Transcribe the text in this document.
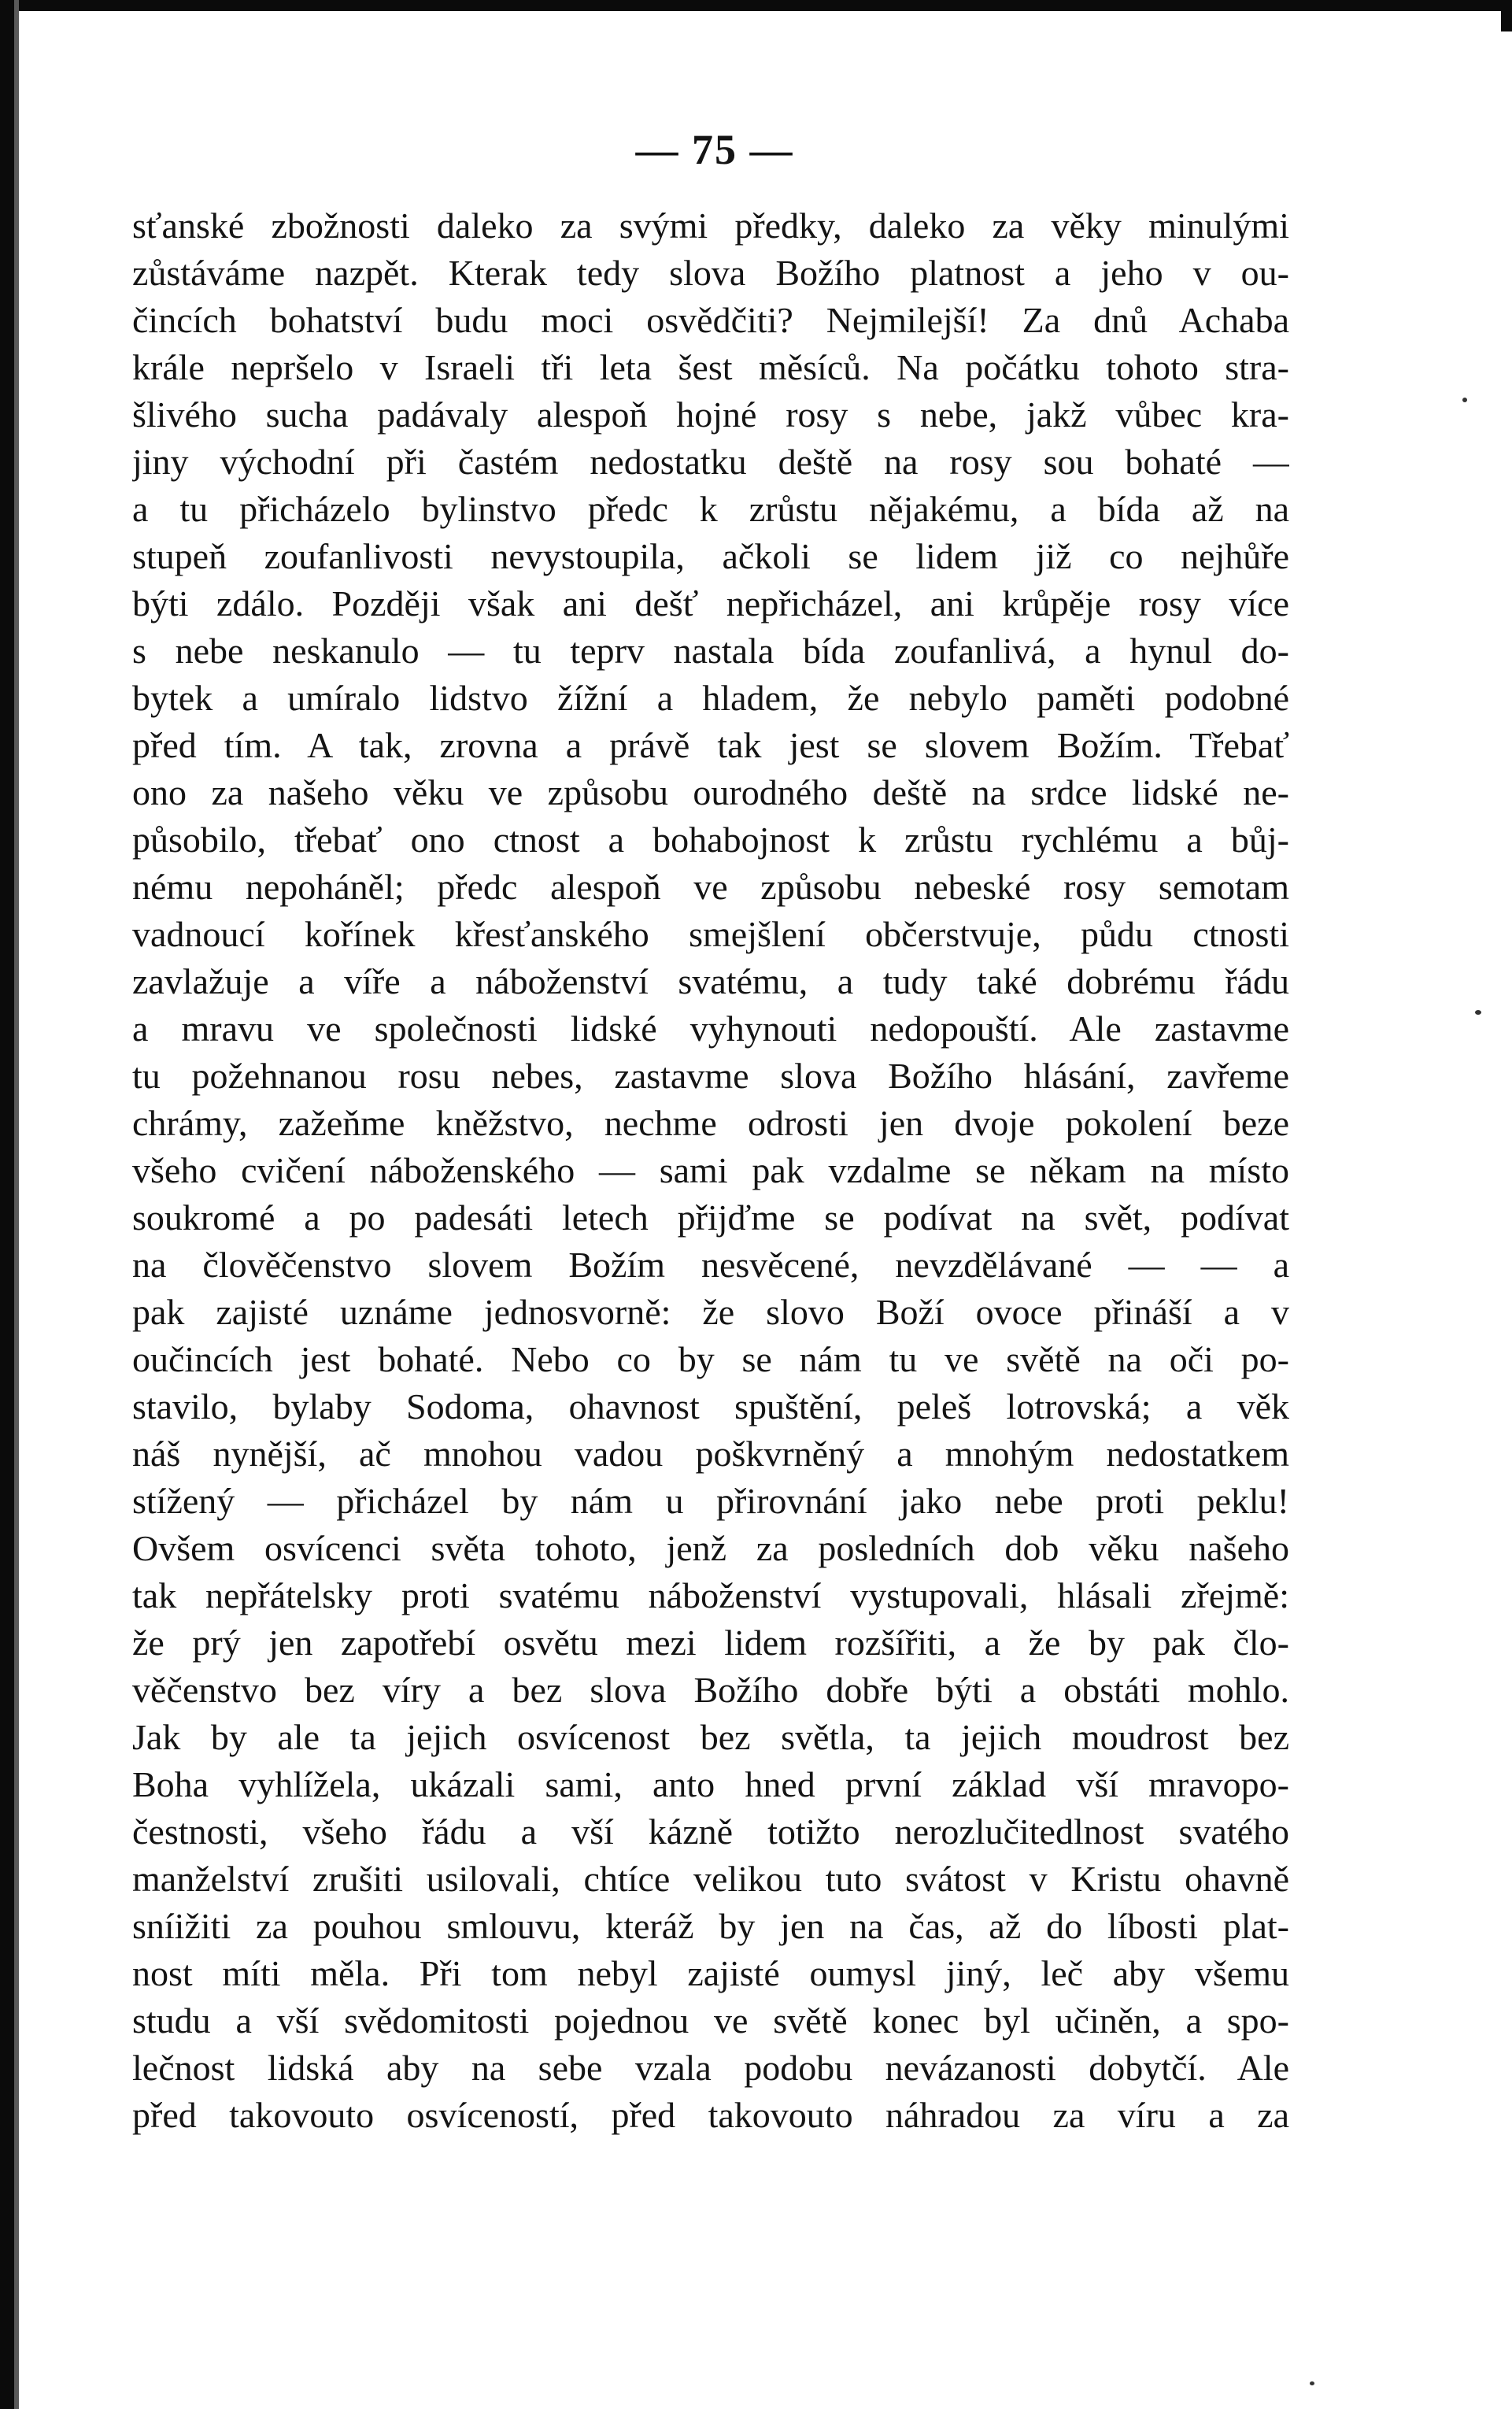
— 75 —
sťanské zbožnosti daleko za svými předky, daleko za věky minulými
zůstáváme nazpět. Kterak tedy slova Božího platnost a jeho v ou-
čincích bohatství budu moci osvědčiti? Nejmilejší! Za dnů Achaba
krále nepršelo v Israeli tři leta šest měsíců. Na počátku tohoto stra-
šlivého sucha padávaly alespoň hojné rosy s nebe, jakž vůbec kra-
jiny východní při častém nedostatku deště na rosy sou bohaté —
a tu přicházelo bylinstvo předc k zrůstu nějakému, a bída až na
stupeň zoufanlivosti nevystoupila, ačkoli se lidem již co nejhůře
býti zdálo. Později však ani dešť nepřicházel, ani krůpěje rosy více
s nebe neskanulo — tu teprv nastala bída zoufanlivá, a hynul do-
bytek a umíralo lidstvo žížní a hladem, že nebylo paměti podobné
před tím. A tak, zrovna a právě tak jest se slovem Božím. Třebať
ono za našeho věku ve způsobu ourodného deště na srdce lidské ne-
působilo, třebať ono ctnost a bohabojnost k zrůstu rychlému a bůj-
nému nepoháněl; předc alespoň ve způsobu nebeské rosy semotam
vadnoucí kořínek křesťanského smejšlení občerstvuje, půdu ctnosti
zavlažuje a víře a náboženství svatému, a tudy také dobrému řádu
a mravu ve společnosti lidské vyhynouti nedopouští. Ale zastavme
tu požehnanou rosu nebes, zastavme slova Božího hlásání, zavřeme
chrámy, zažeňme kněžstvo, nechme odrosti jen dvoje pokolení beze
všeho cvičení náboženského — sami pak vzdalme se někam na místo
soukromé a po padesáti letech přijďme se podívat na svět, podívat
na člověčenstvo slovem Božím nesvěcené, nevzdělávané — — a
pak zajisté uznáme jednosvorně: že slovo Boží ovoce přináší a v
oučincích jest bohaté. Nebo co by se nám tu ve světě na oči po-
stavilo, bylaby Sodoma, ohavnost spuštění, peleš lotrovská; a věk
náš nynější, ač mnohou vadou poškvrněný a mnohým nedostatkem
stížený — přicházel by nám u přirovnání jako nebe proti peklu!
Ovšem osvícenci světa tohoto, jenž za posledních dob věku našeho
tak nepřátelsky proti svatému náboženství vystupovali, hlásali zřejmě:
že prý jen zapotřebí osvětu mezi lidem rozšířiti, a že by pak člo-
věčenstvo bez víry a bez slova Božího dobře býti a obstáti mohlo.
Jak by ale ta jejich osvícenost bez světla, ta jejich moudrost bez
Boha vyhlížela, ukázali sami, anto hned první základ vší mravopo-
čestnosti, všeho řádu a vší kázně totižto nerozlučitedlnost svatého
manželství zrušiti usilovali, chtíce velikou tuto svátost v Kristu ohavně
sníižiti za pouhou smlouvu, kteráž by jen na čas, až do líbosti plat-
nost míti měla. Při tom nebyl zajisté oumysl jiný, leč aby všemu
studu a vší svědomitosti pojednou ve světě konec byl učiněn, a spo-
lečnost lidská aby na sebe vzala podobu nevázanosti dobytčí. Ale
před takovouto osvíceností, před takovouto náhradou za víru a za
